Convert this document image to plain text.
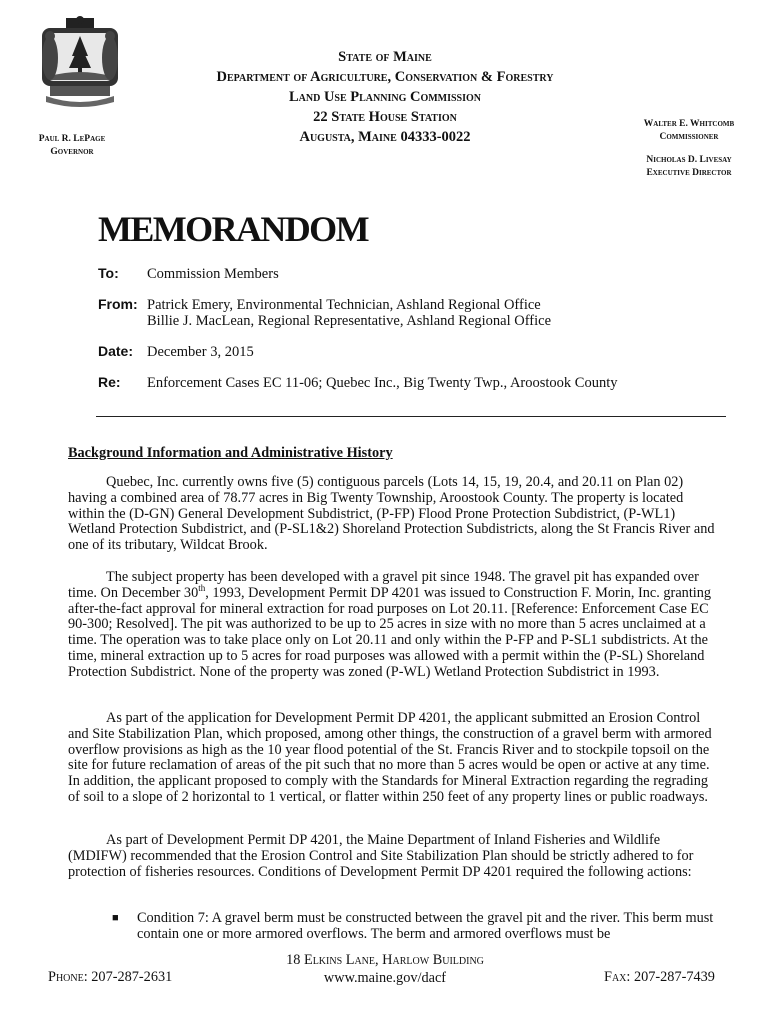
State of Maine
Department of Agriculture, Conservation & Forestry
Land Use Planning Commission
22 State House Station
Augusta, Maine 04333-0022
Paul R. LePage
Governor
Walter E. Whitcomb
Commissioner
Nicholas D. Livesay
Executive Director
MEMORANDOM
To: Commission Members
From: Patrick Emery, Environmental Technician, Ashland Regional Office
Billie J. MacLean, Regional Representative, Ashland Regional Office
Date: December 3, 2015
Re: Enforcement Cases EC 11-06; Quebec Inc., Big Twenty Twp., Aroostook County
Background Information and Administrative History

Quebec, Inc. currently owns five (5) contiguous parcels (Lots 14, 15, 19, 20.4, and 20.11 on Plan 02) having a combined area of 78.77 acres in Big Twenty Township, Aroostook County. The property is located within the (D-GN) General Development Subdistrict, (P-FP) Flood Prone Protection Subdistrict, (P-WL1) Wetland Protection Subdistrict, and (P-SL1&2) Shoreland Protection Subdistricts, along the St Francis River and one of its tributary, Wildcat Brook.

The subject property has been developed with a gravel pit since 1948. The gravel pit has expanded over time. On December 30th, 1993, Development Permit DP 4201 was issued to Construction F. Morin, Inc. granting after-the-fact approval for mineral extraction for road purposes on Lot 20.11. [Reference: Enforcement Case EC 90-300; Resolved]. The pit was authorized to be up to 25 acres in size with no more than 5 acres unclaimed at a time. The operation was to take place only on Lot 20.11 and only within the P-FP and P-SL1 subdistricts. At the time, mineral extraction up to 5 acres for road purposes was allowed with a permit within the (P-SL) Shoreland Protection Subdistrict. None of the property was zoned (P-WL) Wetland Protection Subdistrict in 1993.

As part of the application for Development Permit DP 4201, the applicant submitted an Erosion Control and Site Stabilization Plan, which proposed, among other things, the construction of a gravel berm with armored overflow provisions as high as the 10 year flood potential of the St. Francis River and to stockpile topsoil on the site for future reclamation of areas of the pit such that no more than 5 acres would be open or active at any time. In addition, the applicant proposed to comply with the Standards for Mineral Extraction regarding the regrading of soil to a slope of 2 horizontal to 1 vertical, or flatter within 250 feet of any property lines or public roadways.

As part of Development Permit DP 4201, the Maine Department of Inland Fisheries and Wildlife (MDIFW) recommended that the Erosion Control and Site Stabilization Plan should be strictly adhered to for protection of fisheries resources. Conditions of Development Permit DP 4201 required the following actions:

■ Condition 7: A gravel berm must be constructed between the gravel pit and the river. This berm must contain one or more armored overflows. The berm and armored overflows must be
18 Elkins Lane, Harlow Building
www.maine.gov/dacf
Phone: 207-287-2631	Fax: 207-287-7439
